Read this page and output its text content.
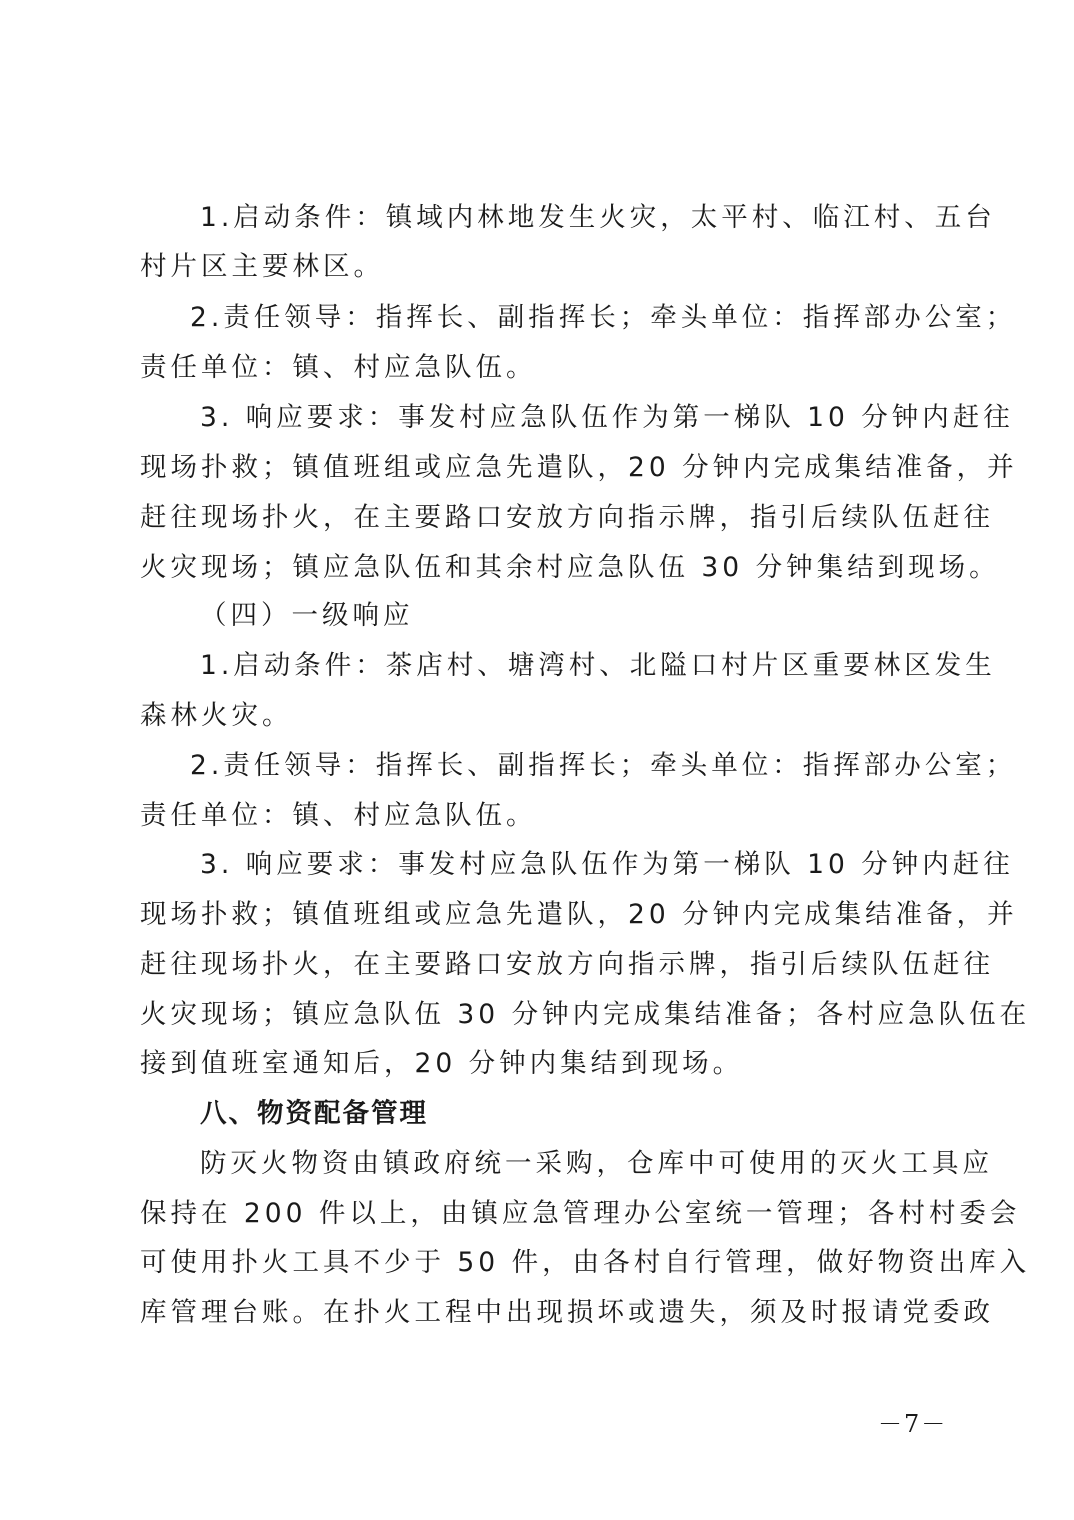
1.启动条件：镇域内林地发生火灾，太平村、临江村、五台
村片区主要林区。
2.责任领导：指挥长、副指挥长；牵头单位：指挥部办公室；
责任单位：镇、村应急队伍。
3. 响应要求：事发村应急队伍作为第一梯队 10 分钟内赶往
现场扑救；镇值班组或应急先遣队，20 分钟内完成集结准备，并
赶往现场扑火，在主要路口安放方向指示牌，指引后续队伍赶往
火灾现场；镇应急队伍和其余村应急队伍 30 分钟集结到现场。
（四）一级响应
1.启动条件：茶店村、塘湾村、北隘口村片区重要林区发生
森林火灾。
2.责任领导：指挥长、副指挥长；牵头单位：指挥部办公室；
责任单位：镇、村应急队伍。
3. 响应要求：事发村应急队伍作为第一梯队 10 分钟内赶往
现场扑救；镇值班组或应急先遣队，20 分钟内完成集结准备，并
赶往现场扑火，在主要路口安放方向指示牌，指引后续队伍赶往
火灾现场；镇应急队伍 30 分钟内完成集结准备；各村应急队伍在
接到值班室通知后，20 分钟内集结到现场。
八、物资配备管理
防灭火物资由镇政府统一采购，仓库中可使用的灭火工具应
保持在 200 件以上，由镇应急管理办公室统一管理；各村村委会
可使用扑火工具不少于 50 件，由各村自行管理，做好物资出库入
库管理台账。在扑火工程中出现损坏或遗失，须及时报请党委政
－7－
